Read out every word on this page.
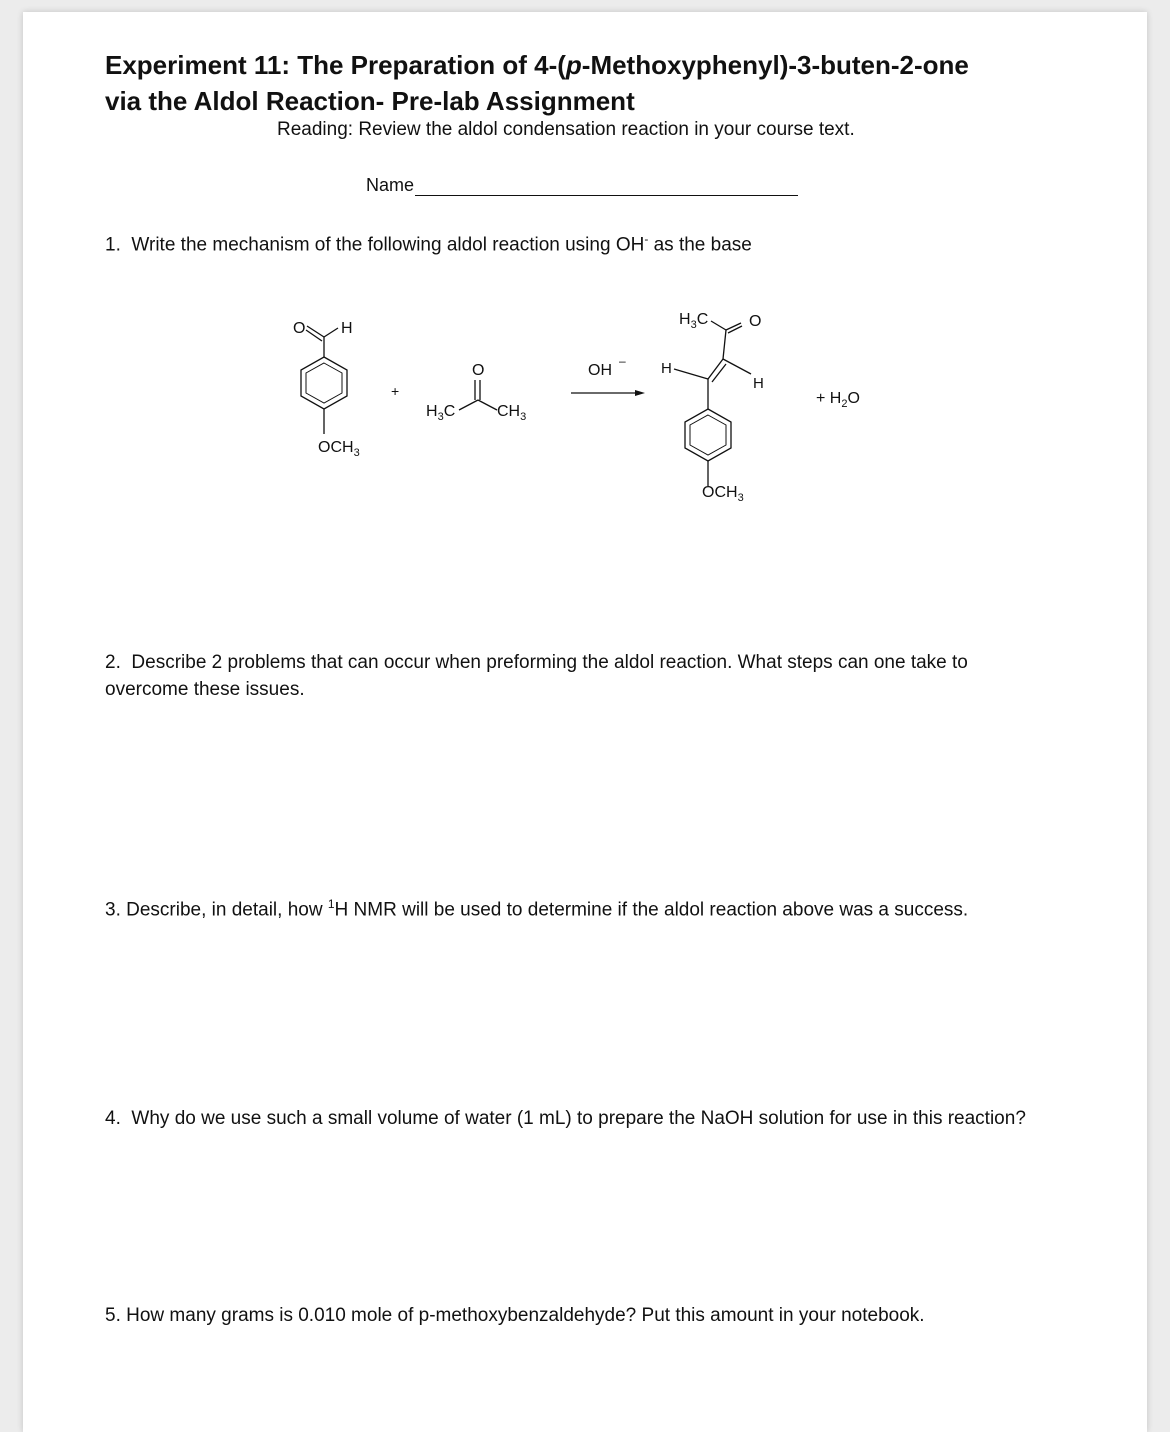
Experiment 11: The Preparation of 4-(p-Methoxyphenyl)-3-buten-2-one
via the Aldol Reaction- Pre-lab Assignment
Reading: Review the aldol condensation reaction in your course text.
Name

1. Write the mechanism of the following aldol reaction using OH- as the base

O H
$OCH_3$
+
O
$H_3C$	$CH_3$
OH
–
$H_3C$	O
H
H
$OCH_3$
+ $H_2O$

2. Describe 2 problems that can occur when preforming the aldol reaction. What steps can one take to overcome these issues.

3. Describe, in detail, how $^1$H NMR will be used to determine if the aldol reaction above was a success.

4. Why do we use such a small volume of water (1 mL) to prepare the NaOH solution for use in this reaction?

5. How many grams is 0.010 mole of p-methoxybenzaldehyde? Put this amount in your notebook.
